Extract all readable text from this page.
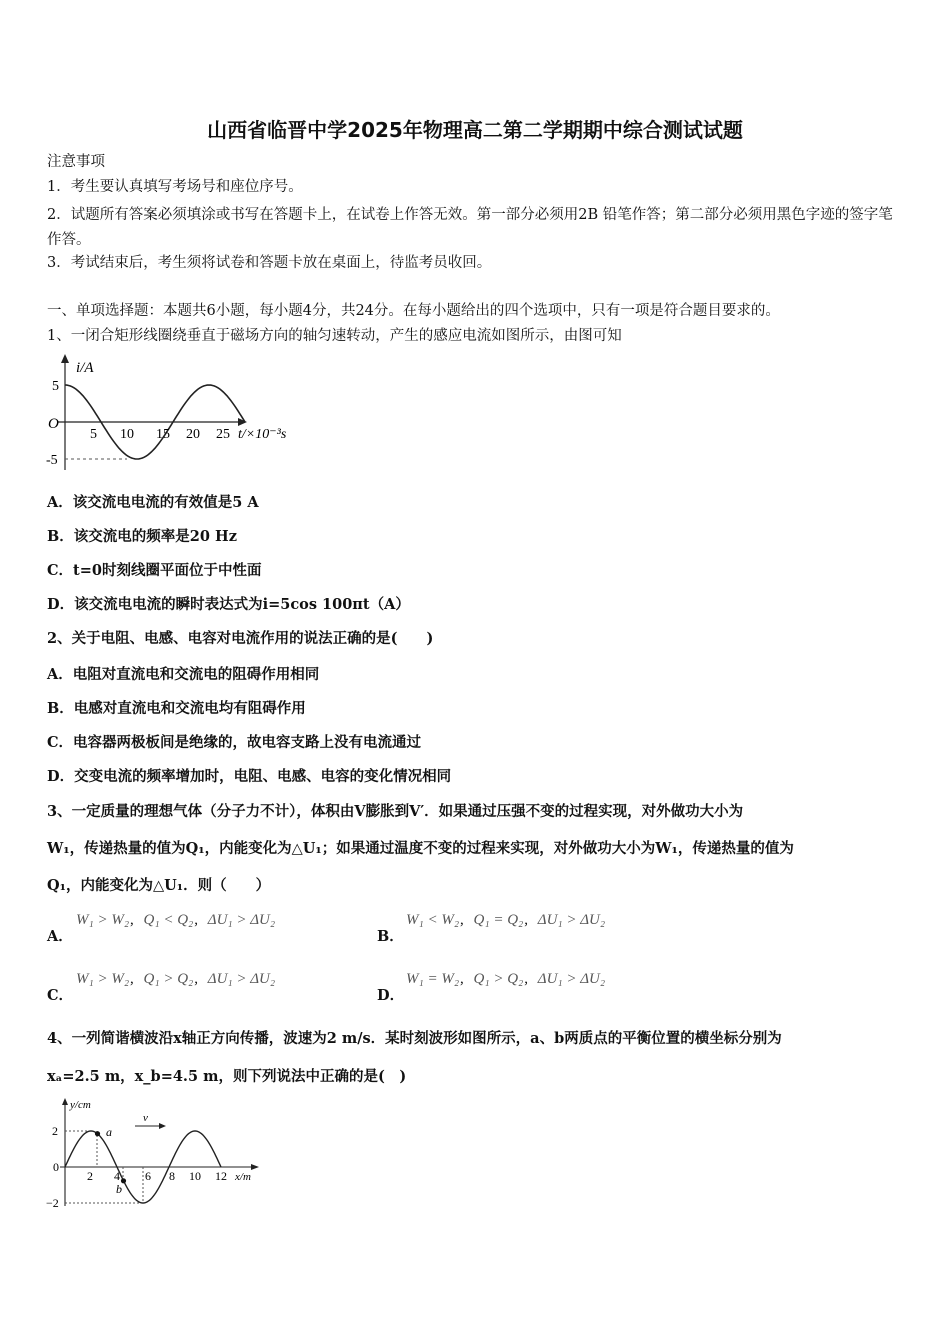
山西省临晋中学2025年物理高二第二学期期中综合测试试题
注意事项
1．考生要认真填写考场号和座位序号。
2．试题所有答案必须填涂或书写在答题卡上，在试卷上作答无效。第一部分必须用2B 铅笔作答；第二部分必须用黑色字迹的签字笔作答。
3．考试结束后，考生须将试卷和答题卡放在桌面上，待监考员收回。
一、单项选择题：本题共6小题，每小题4分，共24分。在每小题给出的四个选项中，只有一项是符合题目要求的。
1、一闭合矩形线圈绕垂直于磁场方向的轴匀速转动，产生的感应电流如图所示，由图可知
i/A
5
O
-5
5 10 15 20 25 t/×10⁻³s
A．该交流电电流的有效值是5 A
B．该交流电的频率是20 Hz
C．t=0时刻线圈平面位于中性面
D．该交流电电流的瞬时表达式为i=5cos 100πt（A）
2、关于电阻、电感、电容对电流作用的说法正确的是(　　)
A．电阻对直流电和交流电的阻碍作用相同
B．电感对直流电和交流电均有阻碍作用
C．电容器两极板间是绝缘的，故电容支路上没有电流通过
D．交变电流的频率增加时，电阻、电感、电容的变化情况相同
3、一定质量的理想气体（分子力不计），体积由V膨胀到V′．如果通过压强不变的过程实现，对外做功大小为
W₁，传递热量的值为Q₁，内能变化为△U₁；如果通过温度不变的过程来实现，对外做功大小为W₁，传递热量的值为
Q₁，内能变化为△U₁．则（　　）
A．
W₁ > W₂, Q₁ < Q₂, ΔU₁ > ΔU₂
B．
W₁ < W₂, Q₁ = Q₂, ΔU₁ > ΔU₂
C．
W₁ > W₂, Q₁ > Q₂, ΔU₁ > ΔU₂
D．
W₁ = W₂, Q₁ > Q₂, ΔU₁ > ΔU₂
4、一列简谐横波沿x轴正方向传播，波速为2 m/s．某时刻波形如图所示，a、b两质点的平衡位置的横坐标分别为
xₐ=2.5 m，x_b=4.5 m，则下列说法中正确的是(　)
v
y/cm
2
0
−2
a
b
2 4 6 8 10 12 x/m
